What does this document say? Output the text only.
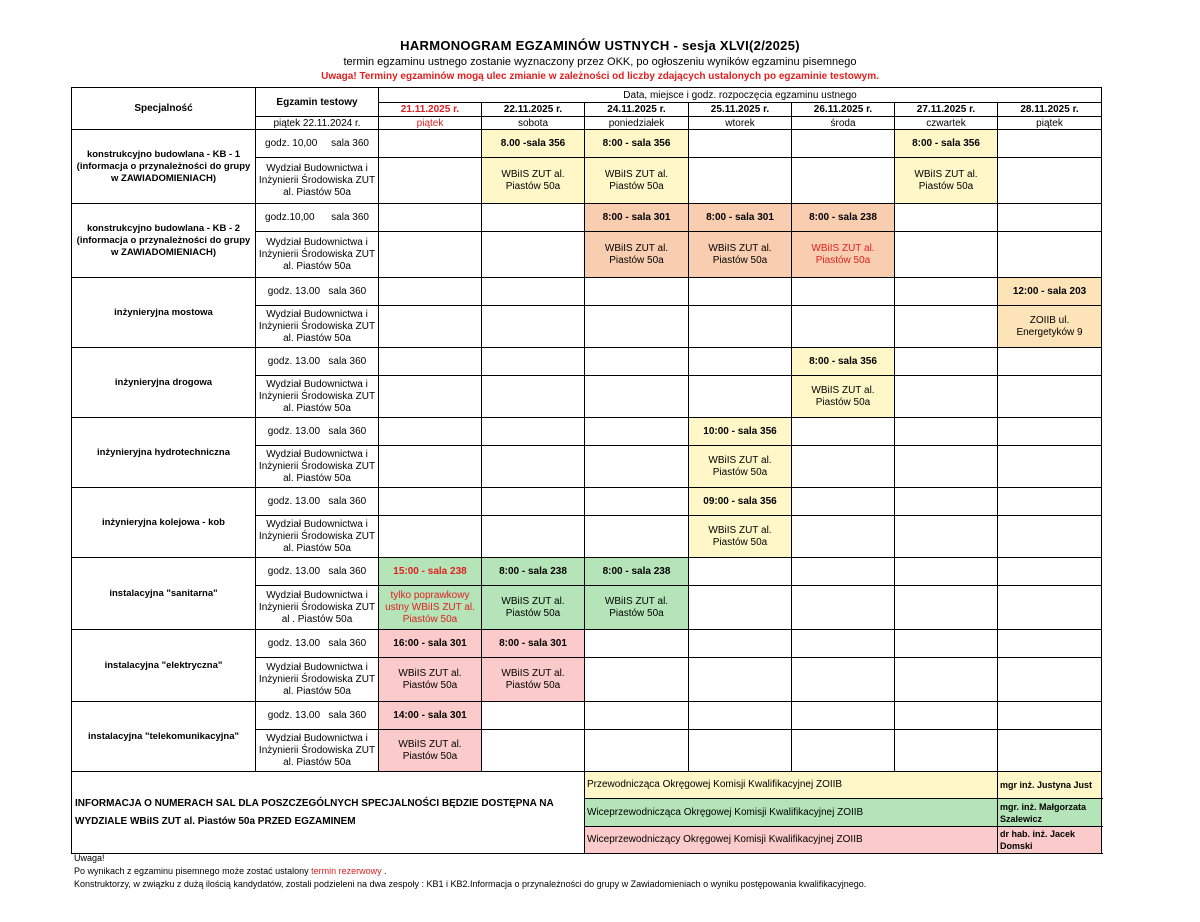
HARMONOGRAM EGZAMINÓW USTNYCH - sesja XLVI(2/2025)
termin egzaminu ustnego zostanie wyznaczony przez OKK, po ogłoszeniu wyników egzaminu pisemnego
Uwaga! Terminy egzaminów mogą ulec zmianie w zależności od liczby zdających ustalonych po egzaminie testowym.
Specjalność	Egzamin testowy	Data, miejsce i godz. rozpoczęcia egzaminu ustnego						
		21.11.2025 r.	22.11.2025 r.	24.11.2025 r.	25.11.2025 r.	26.11.2025 r.	27.11.2025 r.	28.11.2025 r.
	piątek 22.11.2024 r.	piątek	sobota	poniedziałek	wtorek	środa	czwartek	piątek
konstrukcyjno budowlana - KB - 1 (informacja o przynależności do grupy w ZAWIADOMIENIACH)	godz. 10,00     sala 360		8.00 -sala 356	8:00 - sala 356			8:00 - sala 356	
	Wydział Budownictwa i Inżynierii Środowiska ZUT al. Piastów 50a		WBiIS ZUT al. Piastów 50a	WBiIS ZUT al. Piastów 50a			WBiIS ZUT al. Piastów 50a	
konstrukcyjno budowlana - KB - 2 (informacja o przynależności do grupy w ZAWIADOMIENIACH)	godz.10,00      sala 360			8:00 - sala 301	8:00 - sala 301	8:00 - sala 238		
	Wydział Budownictwa i Inżynierii Środowiska ZUT al. Piastów 50a			WBiIS ZUT al. Piastów 50a	WBiIS ZUT al. Piastów 50a	WBiIS ZUT al. Piastów 50a		
inżynieryjna mostowa	godz. 13.00   sala 360							12:00 - sala 203
	Wydział Budownictwa i Inżynierii Środowiska ZUT al. Piastów 50a							ZOIIB ul. Energetyków 9
inżynieryjna drogowa	godz. 13.00   sala 360					8:00 - sala 356		
	Wydział Budownictwa i Inżynierii Środowiska ZUT al. Piastów 50a					WBiIS ZUT al. Piastów 50a		
inżynieryjna hydrotechniczna	godz. 13.00   sala 360				10:00 - sala 356			
	Wydział Budownictwa i Inżynierii Środowiska ZUT al. Piastów 50a				WBiIS ZUT al. Piastów 50a			
inżynieryjna kolejowa - kob	godz. 13.00   sala 360				09:00 - sala 356			
	Wydział Budownictwa i Inżynierii Środowiska ZUT al. Piastów 50a				WBiIS ZUT al. Piastów 50a			
instalacyjna "sanitarna"	godz. 13.00   sala 360	15:00 - sala 238	8:00 - sala 238	8:00 - sala 238				
	Wydział Budownictwa i Inżynierii Środowiska ZUT al . Piastów 50a	tylko poprawkowy ustny WBiIS ZUT al. Piastów 50a	WBiIS ZUT al. Piastów 50a	WBiIS ZUT al. Piastów 50a				
instalacyjna "elektryczna"	godz. 13.00   sala 360	16:00 - sala 301	8:00 - sala 301					
	Wydział Budownictwa i Inżynierii Środowiska ZUT al. Piastów 50a	WBiIS ZUT al. Piastów 50a	WBiIS ZUT al. Piastów 50a					
instalacyjna "telekomunikacyjna"	godz. 13.00   sala 360	14:00 - sala 301						
	Wydział Budownictwa i Inżynierii Środowiska ZUT al. Piastów 50a	WBiIS ZUT al. Piastów 50a						
INFORMACJA O NUMERACH SAL DLA POSZCZEGÓLNYCH SPECJALNOŚCI BĘDZIE DOSTĘPNA NA WYDZIALE WBiIS ZUT al. Piastów 50a PRZED EGZAMINEM				Przewodnicząca Okręgowej Komisji Kwalifikacyjnej ZOIIB				mgr inż. Justyna Just
				Wiceprzewodnicząca Okręgowej Komisji Kwalifikacyjnej ZOIIB				mgr. inż. Małgorzata Szalewicz
				Wiceprzewodniczący Okręgowej Komisji Kwalifikacyjnej ZOIIB				dr hab. inż. Jacek Domski
Uwaga!
Po wynikach z egzaminu pisemnego może zostać ustalony termin rezerwowy .
Konstruktorzy, w związku z dużą ilością kandydatów, zostali podzieleni na dwa zespoły : KB1 i KB2.Informacja o przynależności do grupy w Zawiadomieniach o wyniku postępowania kwalifikacyjnego.
